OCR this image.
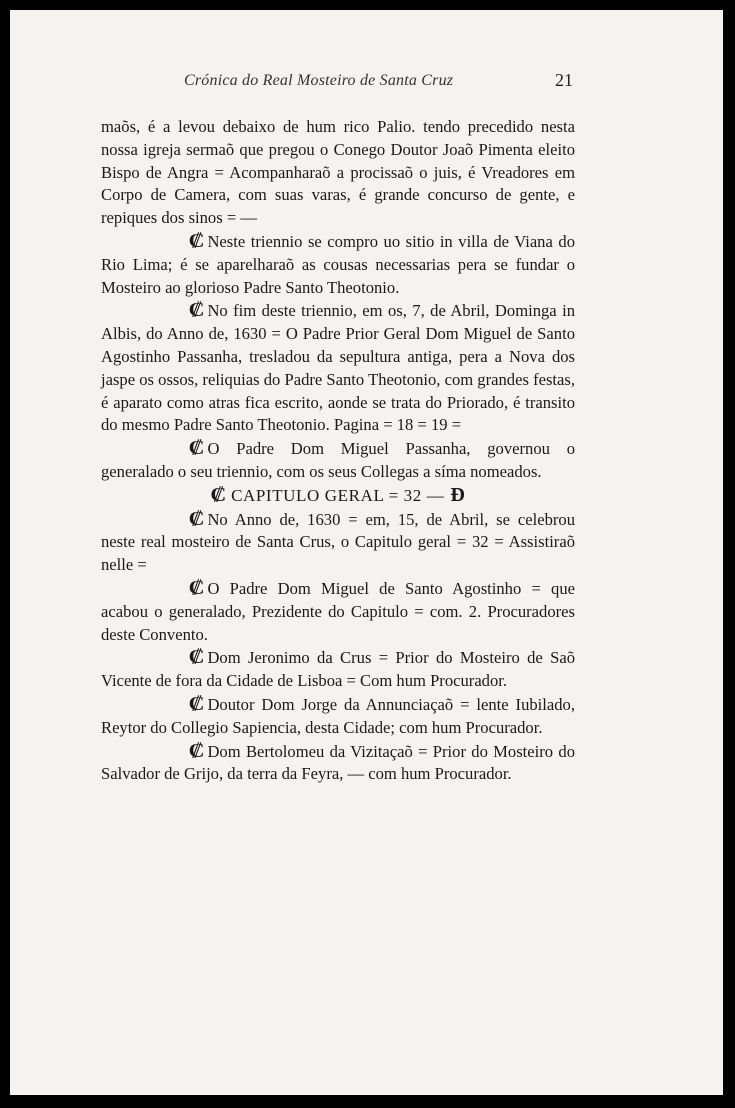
Crónica do Real Mosteiro de Santa Cruz	21

maõs, é a levou debaixo de hum rico Palio. tendo precedido nesta nossa igreja sermaõ que pregou o Conego Doutor Joaõ Pimenta eleito Bispo de Angra = Acompanharaõ a procissaõ o juis, é Vreadores em Corpo de Camera, com suas varas, é grande concurso de gente, e repiques dos sinos = —

₡ Neste triennio se compro uo sitio in villa de Viana do Rio Lima; é se aparelharaõ as cousas necessarias pera se fundar o Mosteiro ao glorioso Padre Santo Theotonio.

₡ No fim deste triennio, em os, 7, de Abril, Dominga in Albis, do Anno de, 1630 = O Padre Prior Geral Dom Miguel de Santo Agostinho Passanha, tresladou da sepultura antiga, pera a Nova dos jaspe os ossos, reliquias do Padre Santo Theotonio, com grandes festas, é aparato como atras fica escrito, aonde se trata do Priorado, é transito do mesmo Padre Santo Theotonio. Pagina = 18 = 19 =

₡ O Padre Dom Miguel Passanha, governou o generalado o seu triennio, com os seus Collegas a síma nomeados.

₡ CAPITULO GERAL = 32 — Ɖ

₡ No Anno de, 1630 = em, 15, de Abril, se celebrou neste real mosteiro de Santa Crus, o Capitulo geral = 32 = Assistiraõ nelle =

₡ O Padre Dom Miguel de Santo Agostinho = que acabou o generalado, Prezidente do Capitulo = com. 2. Procuradores deste Convento.

₡ Dom Jeronimo da Crus = Prior do Mosteiro de Saõ Vicente de fora da Cidade de Lisboa = Com hum Procurador.

₡ Doutor Dom Jorge da Annunciaçaõ = lente Iubilado, Reytor do Collegio Sapiencia, desta Cidade; com hum Procurador.

₡ Dom Bertolomeu da Vizitaçaõ = Prior do Mosteiro do Salvador de Grijo, da terra da Feyra, — com hum Procurador.
